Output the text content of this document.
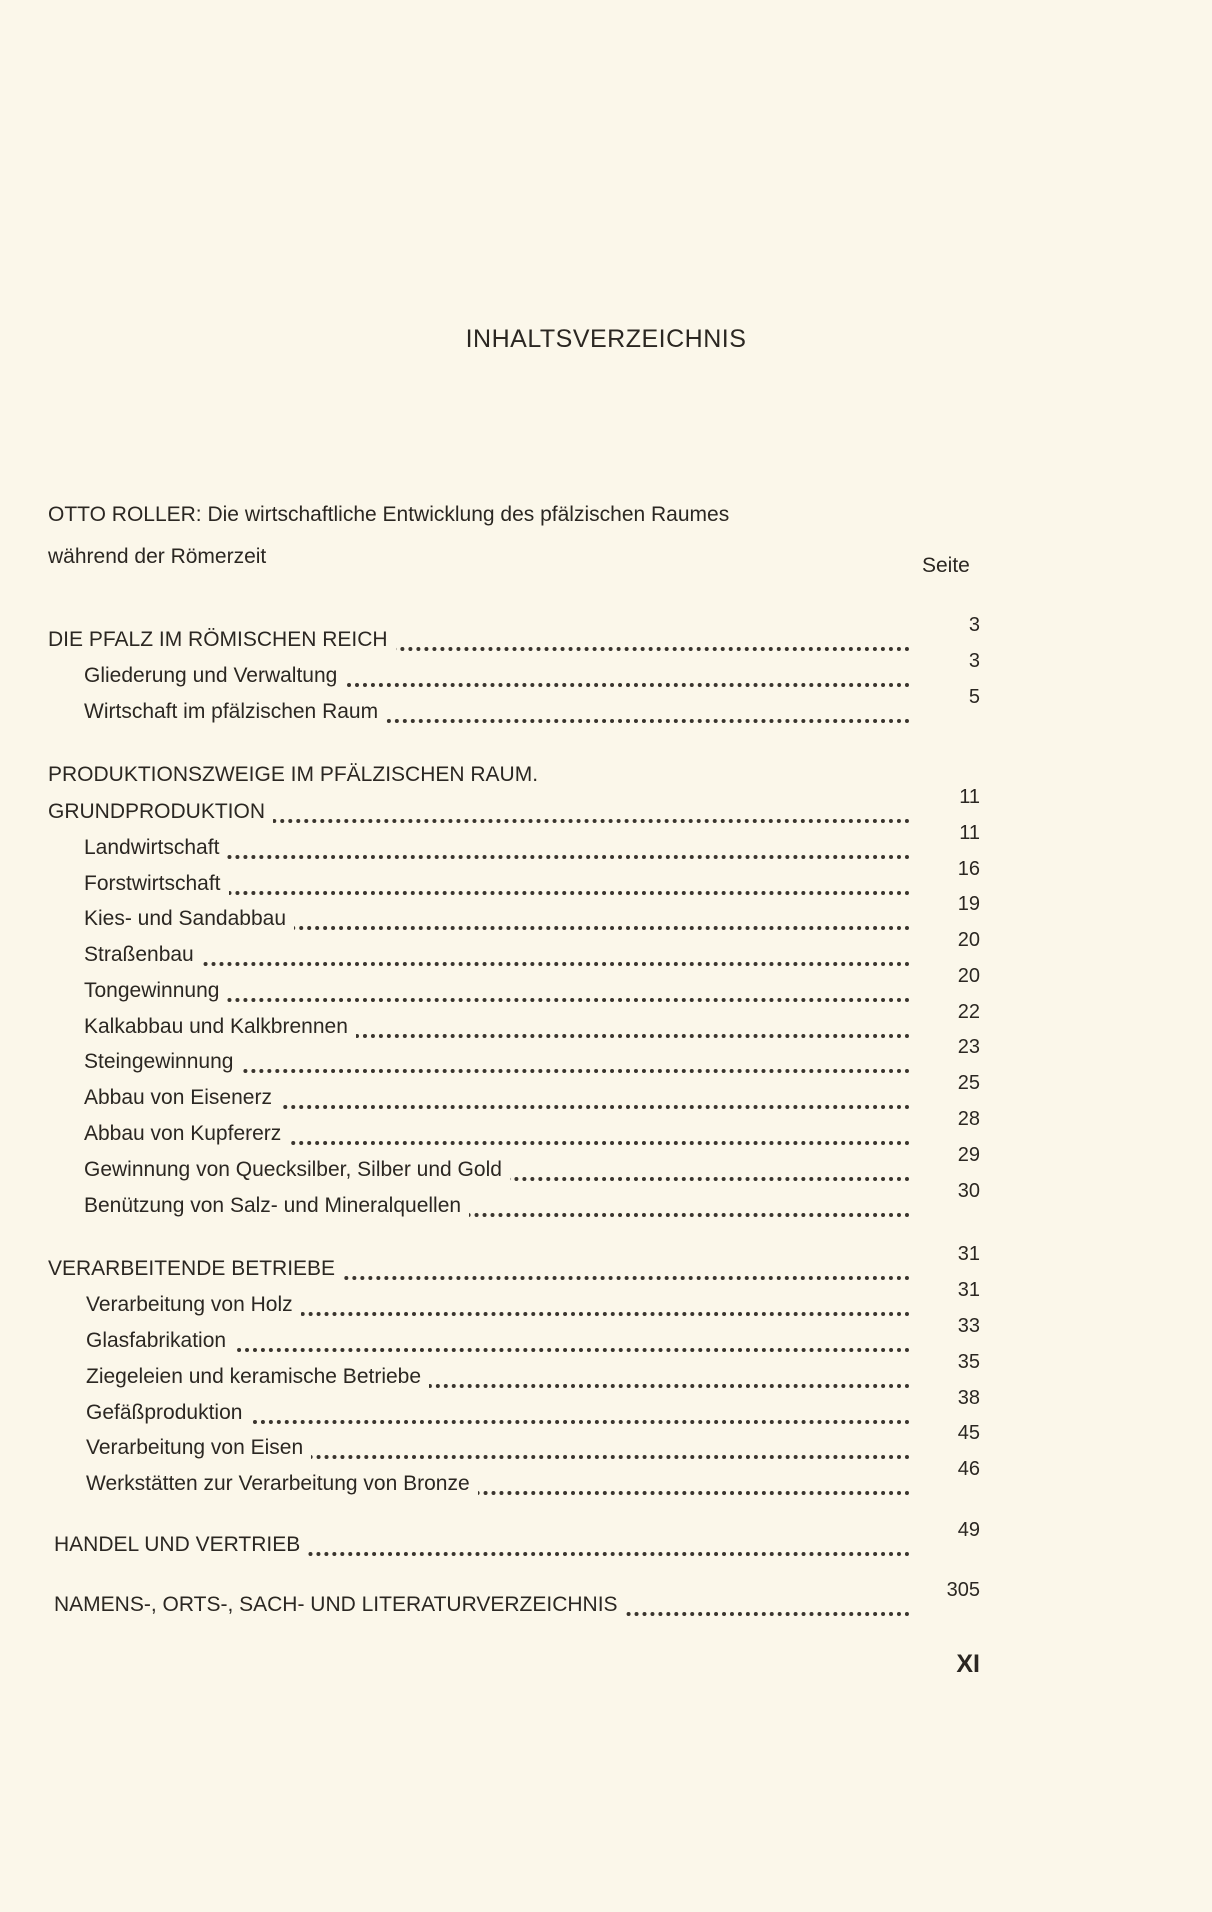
INHALTSVERZEICHNIS
OTTO ROLLER: Die wirtschaftliche Entwicklung des pfälzischen Raumes
während der Römerzeit	Seite
DIE PFALZ IM RÖMISCHEN REICH
3
Gliederung und Verwaltung
3
Wirtschaft im pfälzischen Raum
5
PRODUKTIONSZWEIGE IM PFÄLZISCHEN RAUM.
GRUNDPRODUKTION
11
Landwirtschaft
11
Forstwirtschaft
16
Kies- und Sandabbau
19
Straßenbau
20
Tongewinnung
20
Kalkabbau und Kalkbrennen
22
Steingewinnung
23
Abbau von Eisenerz
25
Abbau von Kupfererz
28
Gewinnung von Quecksilber, Silber und Gold
29
Benützung von Salz- und Mineralquellen
30
VERARBEITENDE BETRIEBE
31
Verarbeitung von Holz
31
Glasfabrikation
33
Ziegeleien und keramische Betriebe
35
Gefäßproduktion
38
Verarbeitung von Eisen
45
Werkstätten zur Verarbeitung von Bronze
46
HANDEL UND VERTRIEB
49
NAMENS-, ORTS-, SACH- UND LITERATURVERZEICHNIS
305
XI
